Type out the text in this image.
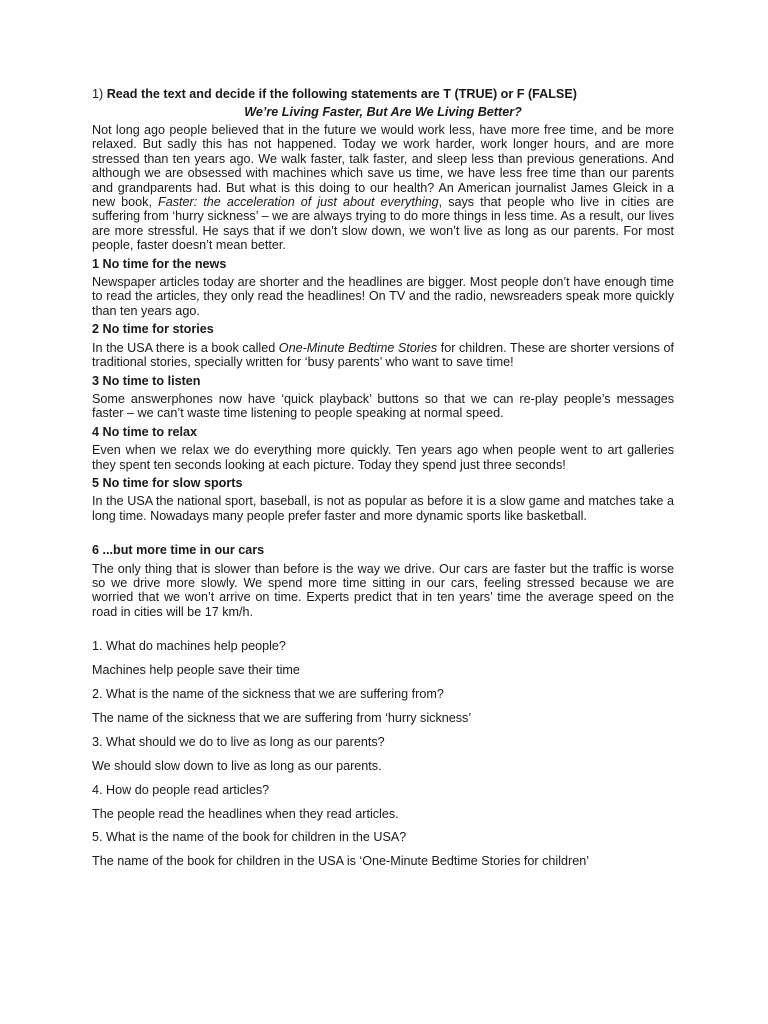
1) Read the text and decide if the following statements are T (TRUE) or F (FALSE)

We’re Living Faster, But Are We Living Better?

Not long ago people believed that in the future we would work less, have more free time, and be more relaxed. But sadly this has not happened. Today we work harder, work longer hours, and are more stressed than ten years ago. We walk faster, talk faster, and sleep less than previous generations. And although we are obsessed with machines which save us time, we have less free time than our parents and grandparents had. But what is this doing to our health? An American journalist James Gleick in a new book, Faster: the acceleration of just about everything, says that people who live in cities are suffering from ‘hurry sickness’ – we are always trying to do more things in less time. As a result, our lives are more stressful. He says that if we don’t slow down, we won’t live as long as our parents. For most people, faster doesn’t mean better.

1 No time for the news

Newspaper articles today are shorter and the headlines are bigger. Most people don’t have enough time to read the articles, they only read the headlines! On TV and the radio, newsreaders speak more quickly than ten years ago.

2 No time for stories

In the USA there is a book called One-Minute Bedtime Stories for children. These are shorter versions of traditional stories, specially written for ‘busy parents’ who want to save time!

3 No time to listen

Some answerphones now have ‘quick playback’ buttons so that we can re-play people’s messages faster – we can’t waste time listening to people speaking at normal speed.

4 No time to relax

Even when we relax we do everything more quickly. Ten years ago when people went to art galleries they spent ten seconds looking at each picture. Today they spend just three seconds!

5 No time for slow sports

In the USA the national sport, baseball, is not as popular as before it is a slow game and matches take a long time. Nowadays many people prefer faster and more dynamic sports like basketball.

6 ...but more time in our cars

The only thing that is slower than before is the way we drive. Our cars are faster but the traffic is worse so we drive more slowly. We spend more time sitting in our cars, feeling stressed because we are worried that we won’t arrive on time. Experts predict that in ten years’ time the average speed on the road in cities will be 17 km/h.

1. What do machines help people?

Machines help people save their time

2. What is the name of the sickness that we are suffering from?

The name of the sickness that we are suffering from ‘hurry sickness’

3. What should we do to live as long as our parents?

We should slow down to live as long as our parents.

4. How do people read articles?

The people read the headlines when they read articles.

5. What is the name of the book for children in the USA?

The name of the book for children in the USA is ‘One-Minute Bedtime Stories for children’
